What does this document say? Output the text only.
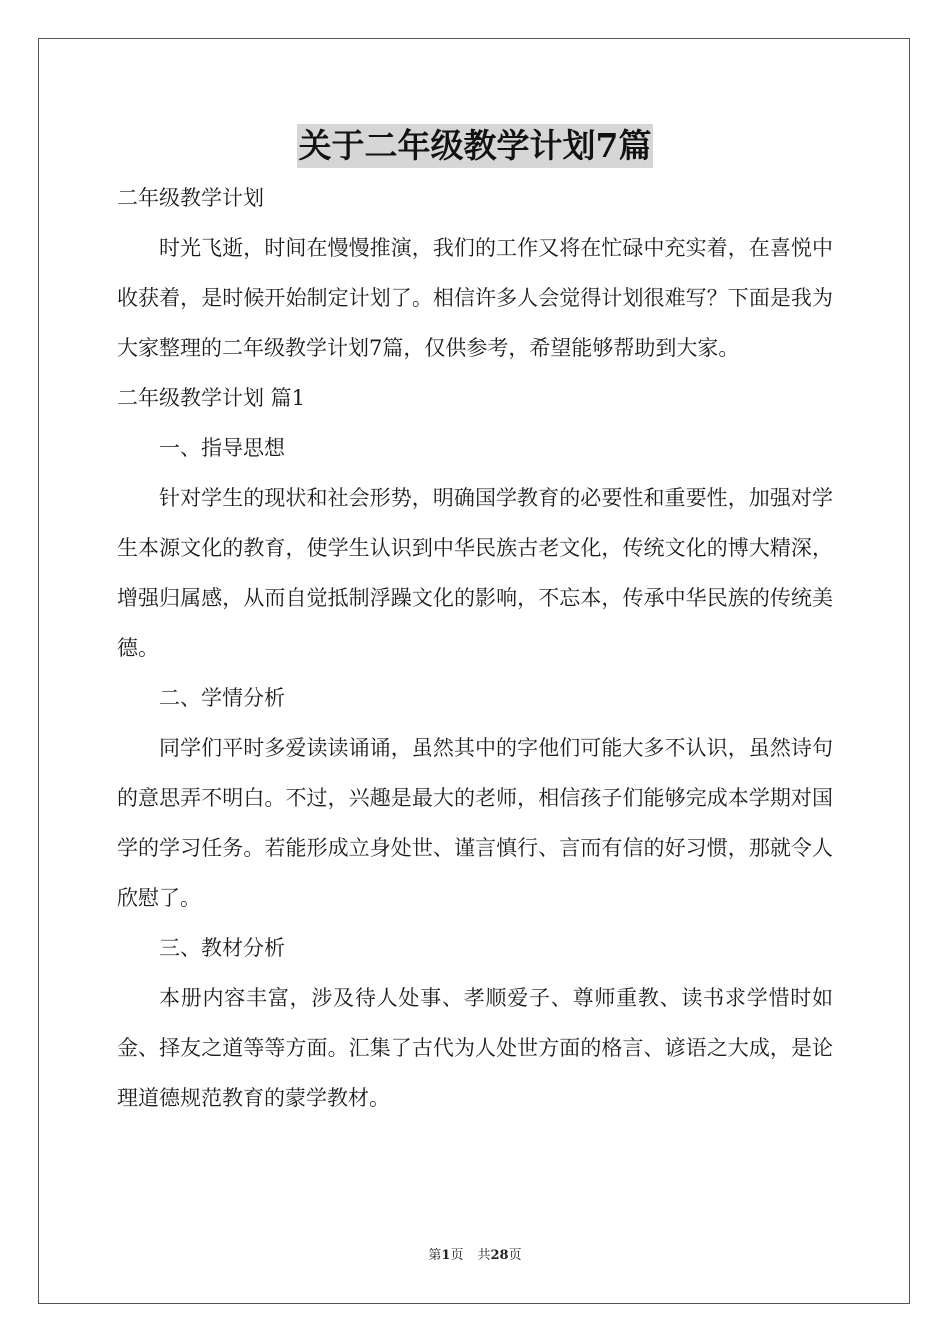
关于二年级教学计划7篇

二年级教学计划

时光飞逝，时间在慢慢推演，我们的工作又将在忙碌中充实着，在喜悦中收获着，是时候开始制定计划了。相信许多人会觉得计划很难写？下面是我为大家整理的二年级教学计划7篇，仅供参考，希望能够帮助到大家。

二年级教学计划 篇1

一、指导思想

针对学生的现状和社会形势，明确国学教育的必要性和重要性，加强对学生本源文化的教育，使学生认识到中华民族古老文化，传统文化的博大精深，增强归属感，从而自觉抵制浮躁文化的影响，不忘本，传承中华民族的传统美德。

二、学情分析

同学们平时多爱读读诵诵，虽然其中的字他们可能大多不认识，虽然诗句的意思弄不明白。不过，兴趣是最大的老师，相信孩子们能够完成本学期对国学的学习任务。若能形成立身处世、谨言慎行、言而有信的好习惯，那就令人欣慰了。

三、教材分析

本册内容丰富，涉及待人处事、孝顺爱子、尊师重教、读书求学惜时如金、择友之道等等方面。汇集了古代为人处世方面的格言、谚语之大成，是论理道德规范教育的蒙学教材。

第1页 共28页
